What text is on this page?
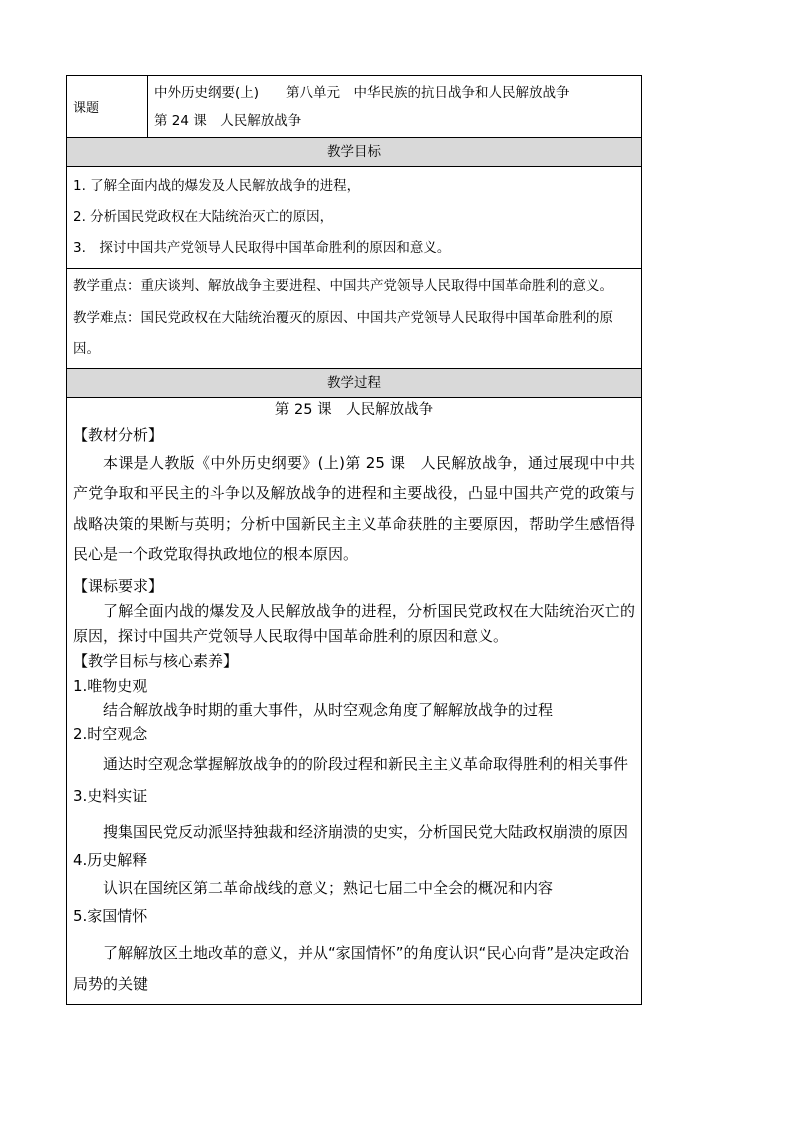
课题	
中外历史纲要(上)　　第八单元　中华民族的抗日战争和人民解放战争
第 24 课　人民解放战争

教学目标

1. 了解全面内战的爆发及人民解放战争的进程，
2. 分析国民党政权在大陆统治灭亡的原因，
3.　探讨中国共产党领导人民取得中国革命胜利的原因和意义。

教学重点：重庆谈判、解放战争主要进程、中国共产党领导人民取得中国革命胜利的意义。
教学难点：国民党政权在大陆统治覆灭的原因、中国共产党领导人民取得中国革命胜利的原因。

教学过程

第 25 课　人民解放战争
【教材分析】
本课是人教版《中外历史纲要》(上)第 25 课　人民解放战争，通过展现中中共产党争取和平民主的斗争以及解放战争的进程和主要战役，凸显中国共产党的政策与战略决策的果断与英明；分析中国新民主主义革命获胜的主要原因，帮助学生感悟得民心是一个政党取得执政地位的根本原因。
【课标要求】
了解全面内战的爆发及人民解放战争的进程，分析国民党政权在大陆统治灭亡的原因，探讨中国共产党领导人民取得中国革命胜利的原因和意义。
【教学目标与核心素养】
1.唯物史观
结合解放战争时期的重大事件，从时空观念角度了解解放战争的过程
2.时空观念
通达时空观念掌握解放战争的的阶段过程和新民主主义革命取得胜利的相关事件
3.史料实证
搜集国民党反动派坚持独裁和经济崩溃的史实，分析国民党大陆政权崩溃的原因
4.历史解释
认识在国统区第二革命战线的意义；熟记七届二中全会的概况和内容
5.家国情怀
了解解放区土地改革的意义，并从“家国情怀”的角度认识“民心向背”是决定政治局势的关键
